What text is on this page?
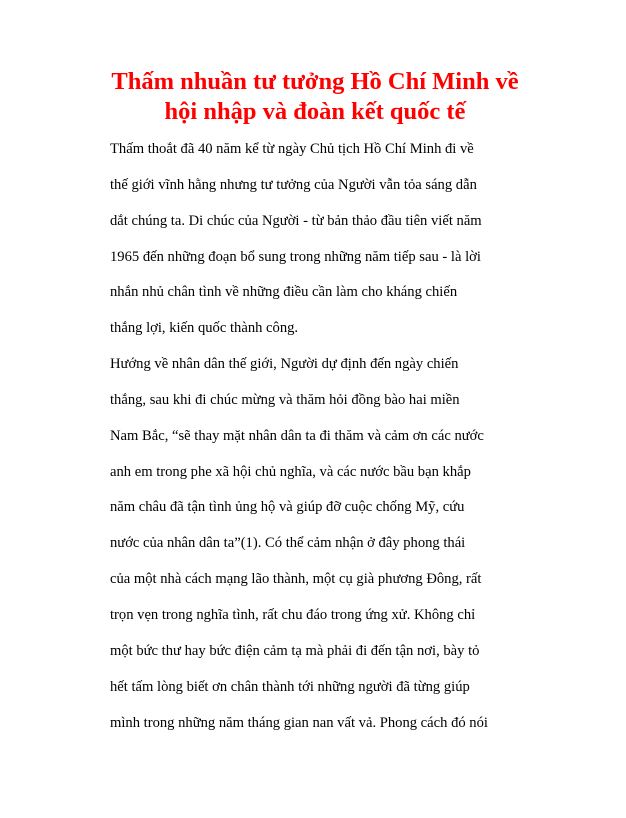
Thấm nhuần tư tưởng Hồ Chí Minh về
hội nhập và đoàn kết quốc tế
Thấm thoắt đã 40 năm kể từ ngày Chủ tịch Hồ Chí Minh đi về
thế giới vĩnh hằng nhưng tư tưởng của Người vẫn tỏa sáng dẫn
dắt chúng ta. Di chúc của Người - từ bản thảo đầu tiên viết năm
1965 đến những đoạn bổ sung trong những năm tiếp sau - là lời
nhắn nhủ chân tình về những điều cần làm cho kháng chiến
thắng lợi, kiến quốc thành công.
Hướng về nhân dân thế giới, Người dự định đến ngày chiến
thắng, sau khi đi chúc mừng và thăm hỏi đồng bào hai miền
Nam Bắc, “sẽ thay mặt nhân dân ta đi thăm và cảm ơn các nước
anh em trong phe xã hội chủ nghĩa, và các nước bầu bạn khắp
năm châu đã tận tình ủng hộ và giúp đỡ cuộc chống Mỹ, cứu
nước của nhân dân ta”(1). Có thể cảm nhận ở đây phong thái
của một nhà cách mạng lão thành, một cụ già phương Đông, rất
trọn vẹn trong nghĩa tình, rất chu đáo trong ứng xử. Không chỉ
một bức thư hay bức điện cảm tạ mà phải đi đến tận nơi, bày tỏ
hết tấm lòng biết ơn chân thành tới những người đã từng giúp
mình trong những năm tháng gian nan vất vả. Phong cách đó nói
